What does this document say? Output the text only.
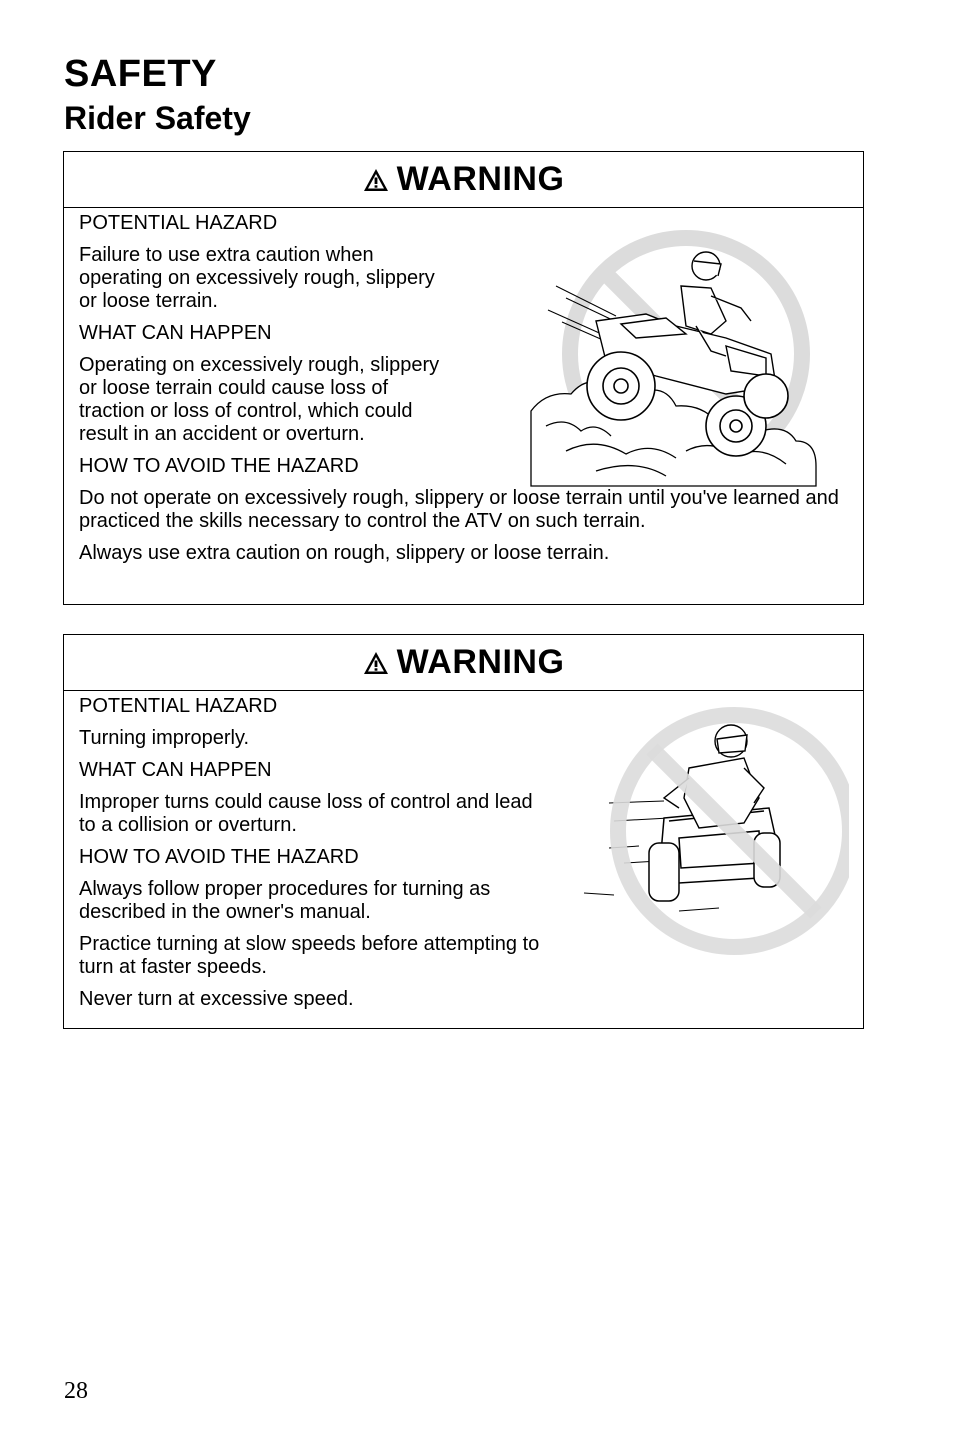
SAFETY
Rider Safety
WARNING

POTENTIAL HAZARD

Failure to use extra caution when operating on excessively rough, slippery or loose terrain.

WHAT CAN HAPPEN

Operating on excessively rough, slippery or loose terrain could cause loss of traction or loss of control, which could result in an accident or overturn.

HOW TO AVOID THE HAZARD

Do not operate on excessively rough, slippery or loose terrain until you've learned and practiced the skills necessary to control the ATV on such terrain.

Always use extra caution on rough, slippery or loose terrain.

WARNING

POTENTIAL HAZARD

Turning improperly.

WHAT CAN HAPPEN

Improper turns could cause loss of control and lead to a collision or overturn.

HOW TO AVOID THE HAZARD

Always follow proper procedures for turning as described in the owner's manual.

Practice turning at slow speeds before attempting to turn at faster speeds.

Never turn at excessive speed.

28
